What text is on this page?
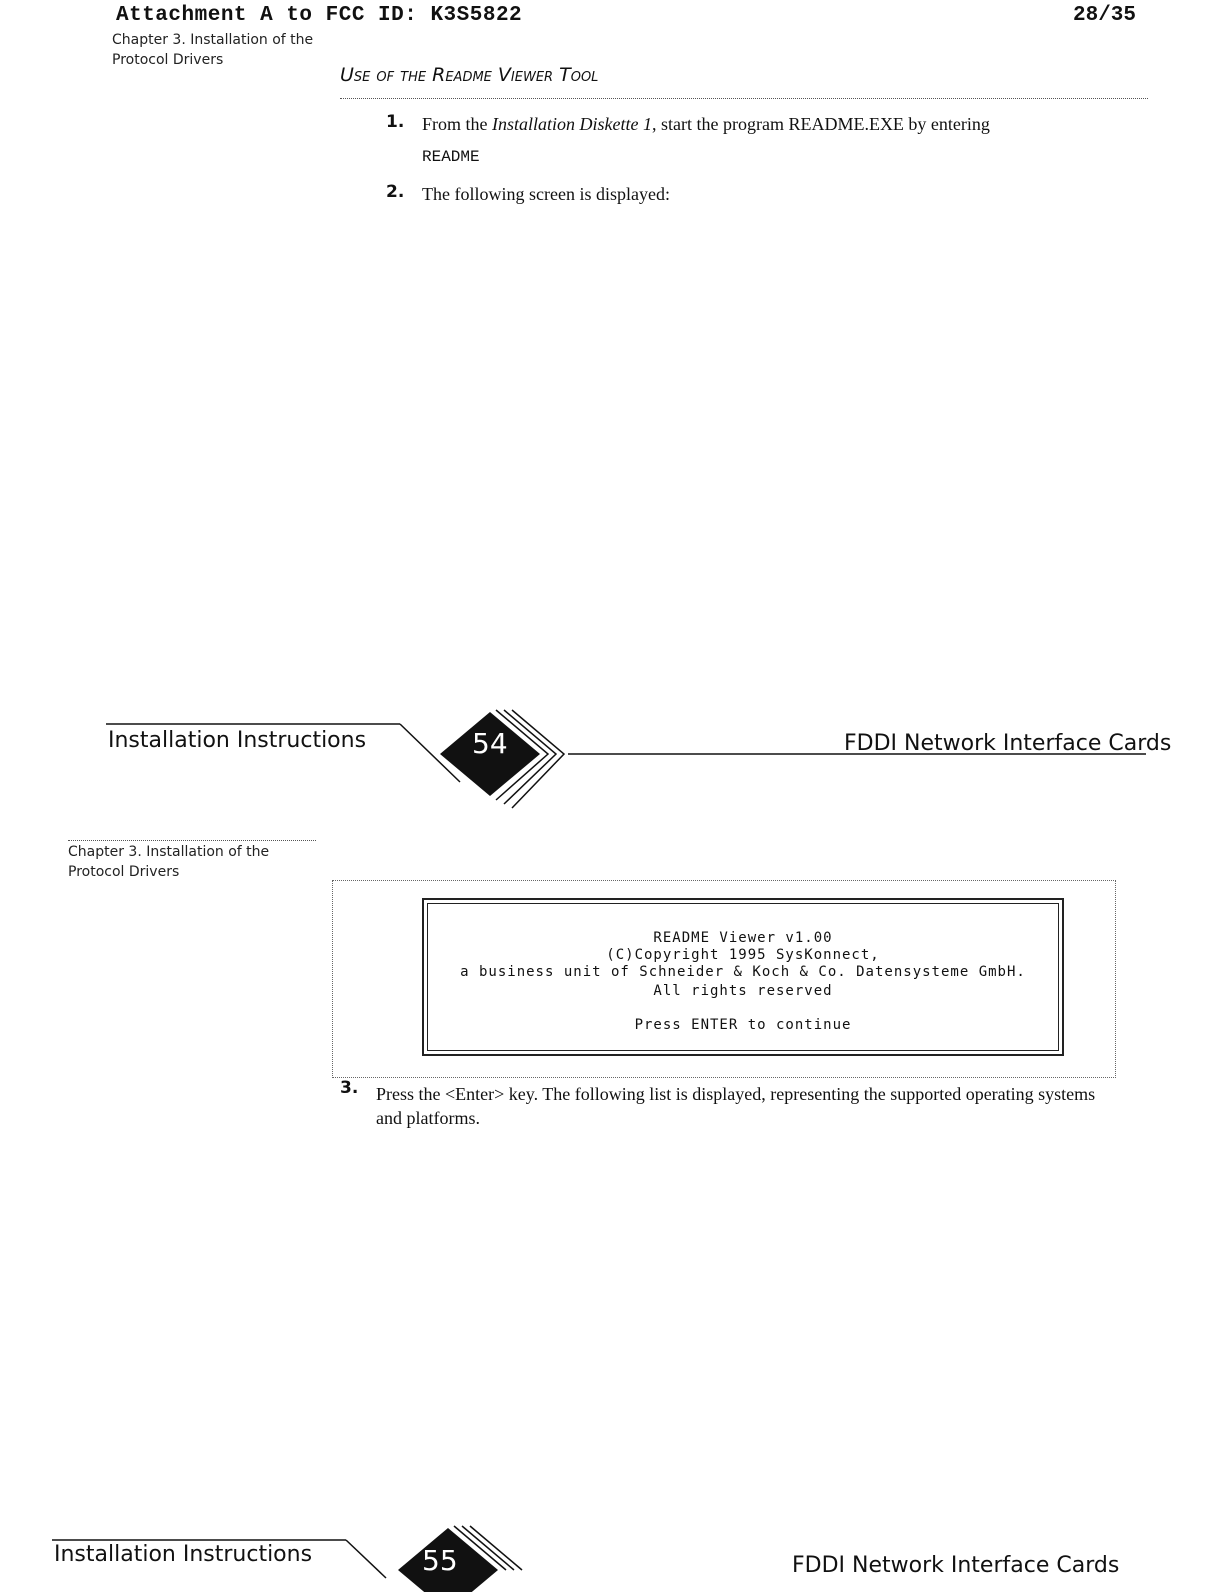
Attachment A to FCC ID: K3S5822	28/35
Chapter 3. Installation of the
Protocol Drivers
Use of the Readme Viewer Tool
1. From the Installation Diskette 1, start the program README.EXE by entering
README
2. The following screen is displayed:
54
Installation Instructions	FDDI Network Interface Cards
Chapter 3. Installation of the
Protocol Drivers
README Viewer v1.00
(C)Copyright 1995 SysKonnect,
a business unit of Schneider & Koch & Co. Datensysteme GmbH.
All rights reserved
Press ENTER to continue
3. Press the <Enter> key. The following list is displayed, representing the supported operating systems and platforms.
55
Installation Instructions	FDDI Network Interface Cards
